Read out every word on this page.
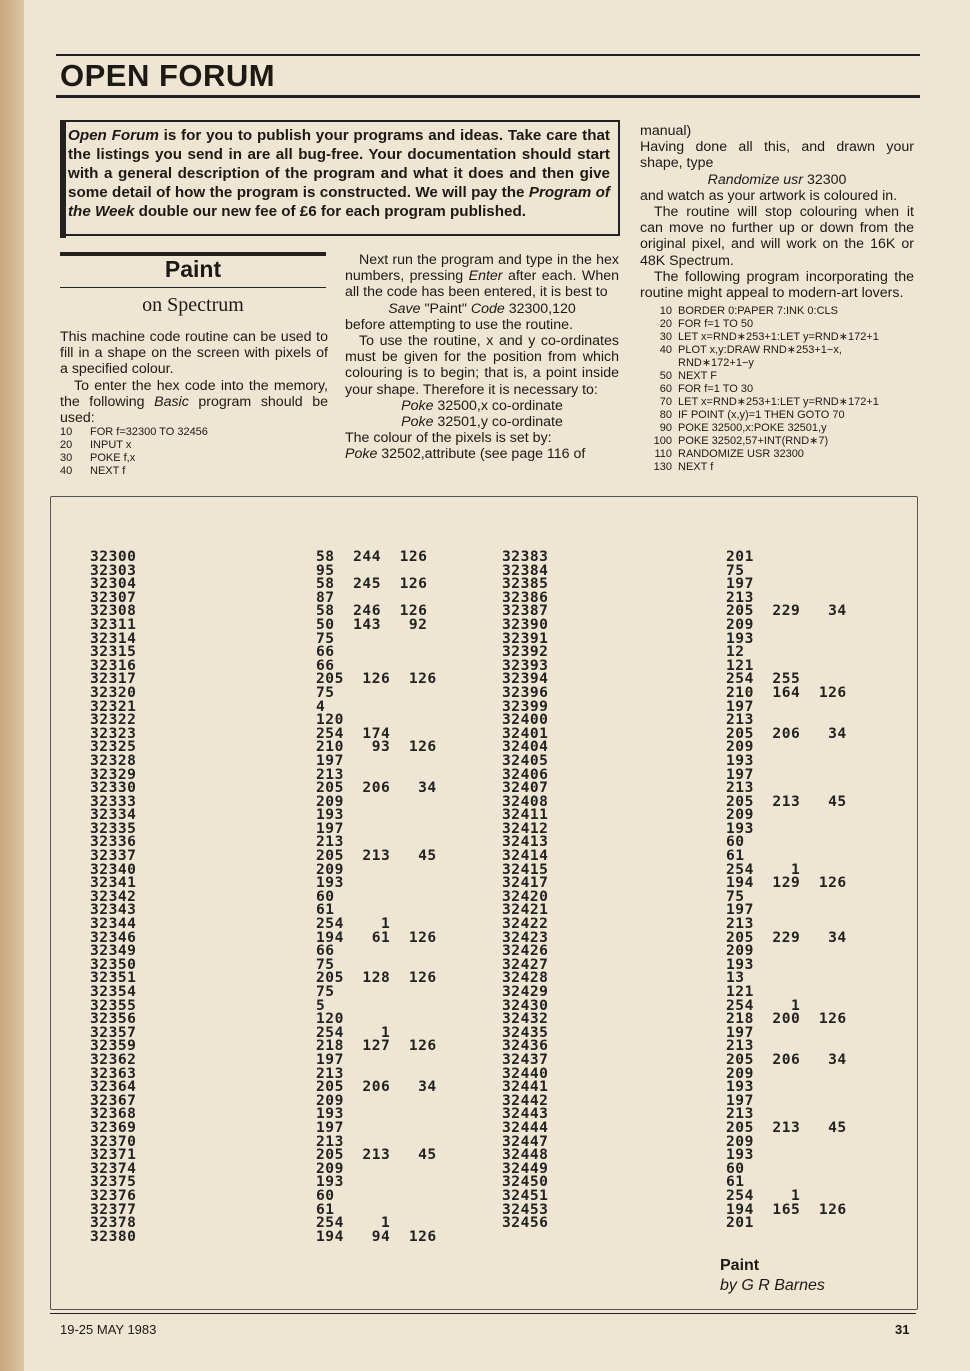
OPEN FORUM
Open Forum is for you to publish your programs and ideas. Take care that the listings you send in are all bug-free. Your documentation should start with a general description of the program and what it does and then give some detail of how the program is constructed. We will pay the Program of the Week double our new fee of £6 for each program published.
Paint
on Spectrum

This machine code routine can be used to fill in a shape on the screen with pixels of a specified colour.

To enter the hex code into the memory, the following Basic program should be used:

10 FOR f=32300 TO 32456
20 INPUT x
30 POKE f,x
40 NEXT f

Next run the program and type in the hex numbers, pressing Enter after each. When all the code has been entered, it is best to

Save "Paint" Code 32300,120

before attempting to use the routine.

To use the routine, x and y co-ordinates must be given for the position from which colouring is to begin; that is, a point inside your shape. Therefore it is necessary to:

Poke 32500,x co-ordinate

Poke 32501,y co-ordinate

The colour of the pixels is set by:

Poke 32502,attribute (see page 116 of

manual)

Having done all this, and drawn your shape, type

Randomize usr 32300

and watch as your artwork is coloured in.

The routine will stop colouring when it can move no further up or down from the original pixel, and will work on the 16K or 48K Spectrum.

The following program incorporating the routine might appeal to modern-art lovers.

10 BORDER 0:PAPER 7:INK 0:CLS
20 FOR f=1 TO 50
30 LET x=RND∗253+1:LET y=RND∗172+1
40 PLOT x,y:DRAW RND∗253+1−x,
RND∗172+1−y
50 NEXT F
60 FOR f=1 TO 30
70 LET x=RND∗253+1:LET y=RND∗172+1
80 IF POINT (x,y)=1 THEN GOTO 70
90 POKE 32500,x:POKE 32501,y
100 POKE 32502,57+INT(RND∗7)
110 RANDOMIZE USR 32300
130 NEXT f
32300
32303
32304
32307
32308
32311
32314
32315
32316
32317
32320
32321
32322
32323
32325
32328
32329
32330
32333
32334
32335
32336
32337
32340
32341
32342
32343
32344
32346
32349
32350
32351
32354
32355
32356
32357
32359
32362
32363
32364
32367
32368
32369
32370
32371
32374
32375
32376
32377
32378
32380
58  244  126
95
58  245  126
87
58  246  126
50  143   92
75
66
66
205  126  126
75
4
120
254  174
210   93  126
197
213
205  206   34
209
193
197
213
205  213   45
209
193
60
61
254    1
194   61  126
66
75
205  128  126
75
5
120
254    1
218  127  126
197
213
205  206   34
209
193
197
213
205  213   45
209
193
60
61
254    1
194   94  126
32383
32384
32385
32386
32387
32390
32391
32392
32393
32394
32396
32399
32400
32401
32404
32405
32406
32407
32408
32411
32412
32413
32414
32415
32417
32420
32421
32422
32423
32426
32427
32428
32429
32430
32432
32435
32436
32437
32440
32441
32442
32443
32444
32447
32448
32449
32450
32451
32453
32456
201
75
197
213
205  229   34
209
193
12
121
254  255
210  164  126
197
213
205  206   34
209
193
197
213
205  213   45
209
193
60
61
254    1
194  129  126
75
197
213
205  229   34
209
193
13
121
254    1
218  200  126
197
213
205  206   34
209
193
197
213
205  213   45
209
193
60
61
254    1
194  165  126
201
Paint
by G R Barnes
19-25 MAY 1983	31
